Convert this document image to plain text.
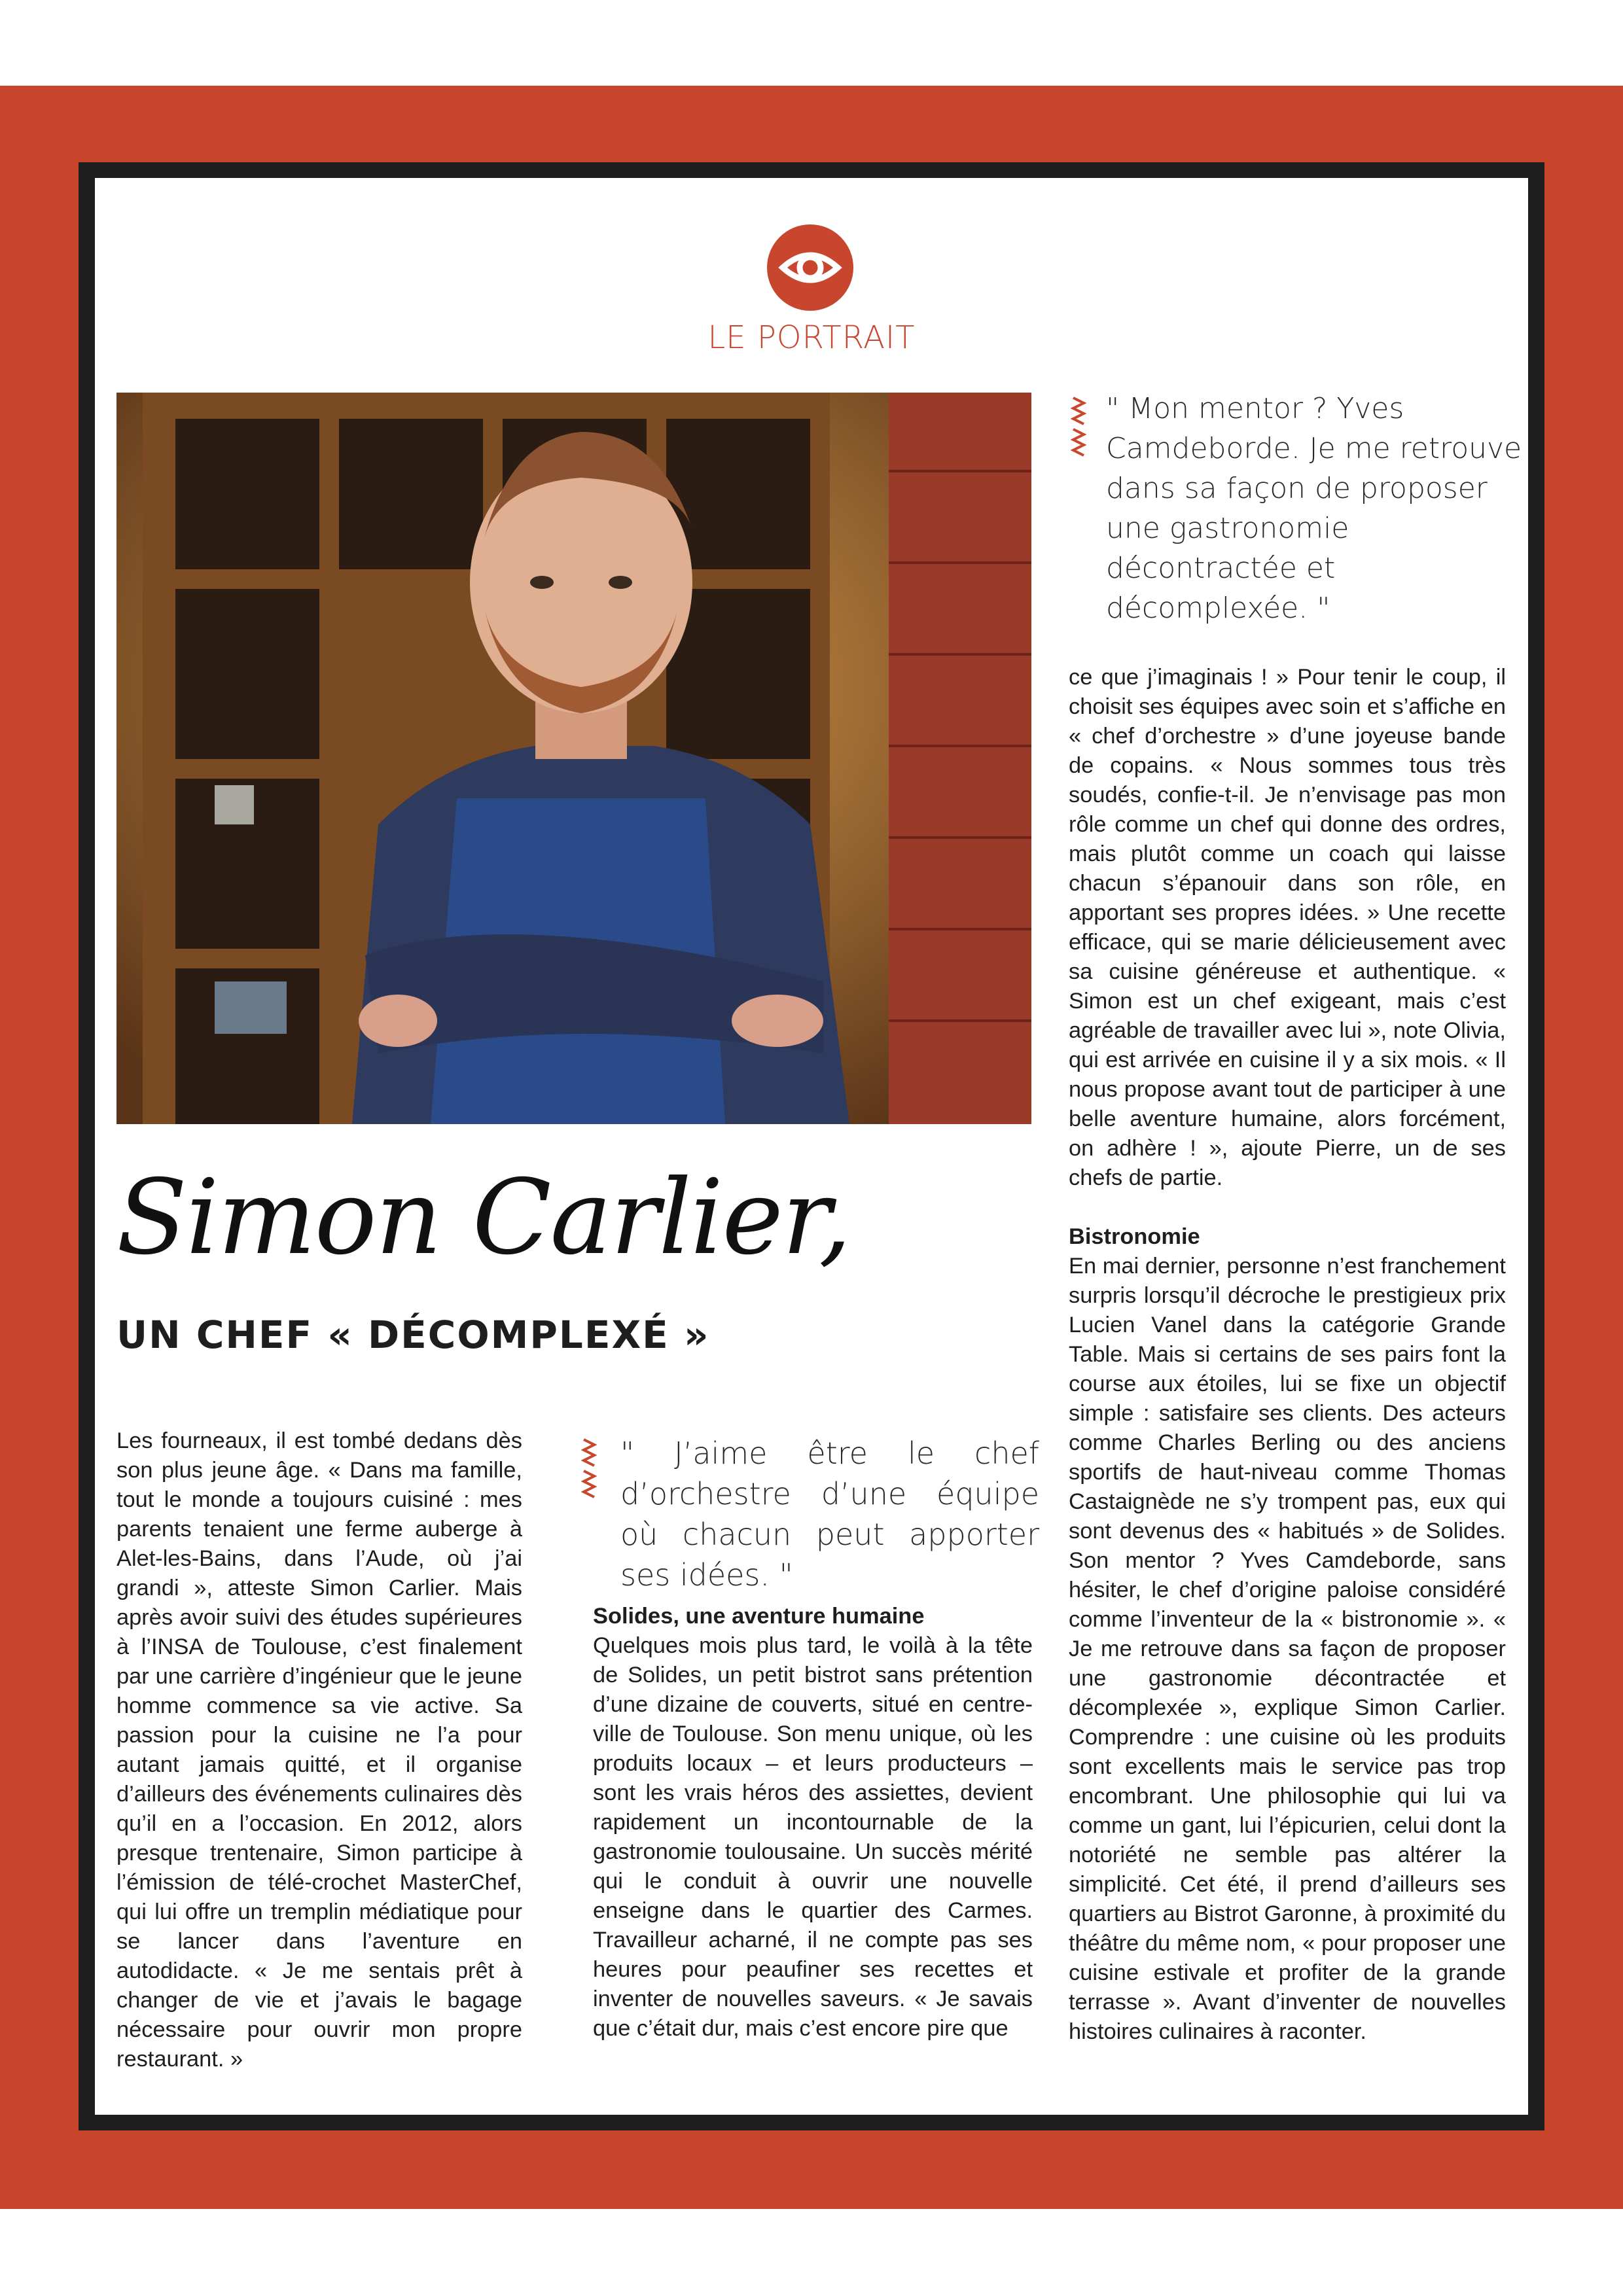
LE PORTRAIT
" Mon mentor ? Yves Camdeborde. Je me retrouve dans sa façon de proposer une gastronomie décontractée et décomplexée. "
Simon Carlier,
UN CHEF « DÉCOMPLEXÉ »
" J’aime être le chef d’orchestre d’une équipe où chacun peut apporter ses idées. "

Les fourneaux, il est tombé dedans dès son plus jeune âge. « Dans ma famille, tout le monde a toujours cuisiné : mes parents tenaient une ferme auberge à Alet-les-Bains, dans l’Aude, où j’ai grandi », atteste Simon Carlier. Mais après avoir suivi des études supérieures à l’INSA de Toulouse, c’est finalement par une carrière d’ingénieur que le jeune homme commence sa vie active. Sa passion pour la cuisine ne l’a pour autant jamais quitté, et il organise d’ailleurs des événements culinaires dès qu’il en a l’occasion. En 2012, alors presque trentenaire, Simon participe à l’émission de télé-crochet MasterChef, qui lui offre un tremplin médiatique pour se lancer dans l’aventure en autodidacte. « Je me sentais prêt à changer de vie et j’avais le bagage nécessaire pour ouvrir mon propre restaurant. »

Solides, une aventure humaine

Quelques mois plus tard, le voilà à la tête de Solides, un petit bistrot sans prétention d’une dizaine de couverts, situé en centre-ville de Toulouse. Son menu unique, où les produits locaux – et leurs producteurs – sont les vrais héros des assiettes, devient rapidement un incontournable de la gastronomie toulousaine. Un succès mérité qui le conduit à ouvrir une nouvelle enseigne dans le quartier des Carmes. Travailleur acharné, il ne compte pas ses heures pour peaufiner ses recettes et inventer de nouvelles saveurs. « Je savais que c’était dur, mais c’est encore pire que

ce que j’imaginais ! » Pour tenir le coup, il choisit ses équipes avec soin et s’affiche en « chef d’orchestre » d’une joyeuse bande de copains. « Nous sommes tous très soudés, confie-t-il. Je n’envisage pas mon rôle comme un chef qui donne des ordres, mais plutôt comme un coach qui laisse chacun s’épanouir dans son rôle, en apportant ses propres idées. » Une recette efficace, qui se marie délicieusement avec sa cuisine généreuse et authentique. « Simon est un chef exigeant, mais c’est agréable de travailler avec lui », note Olivia, qui est arrivée en cuisine il y a six mois. « Il nous propose avant tout de participer à une belle aventure humaine, alors forcément, on adhère ! », ajoute Pierre, un de ses chefs de partie.

Bistronomie

En mai dernier, personne n’est franchement surpris lorsqu’il décroche le prestigieux prix Lucien Vanel dans la catégorie Grande Table. Mais si certains de ses pairs font la course aux étoiles, lui se fixe un objectif simple : satisfaire ses clients. Des acteurs comme Charles Berling ou des anciens sportifs de haut-niveau comme Thomas Castaignède ne s’y trompent pas, eux qui sont devenus des « habitués » de Solides. Son mentor ? Yves Camdeborde, sans hésiter, le chef d’origine paloise considéré comme l’inventeur de la « bistronomie ». « Je me retrouve dans sa façon de proposer une gastronomie décontractée et décomplexée », explique Simon Carlier. Comprendre : une cuisine où les produits sont excellents mais le service pas trop encombrant. Une philosophie qui lui va comme un gant, lui l’épicurien, celui dont la notoriété ne semble pas altérer la simplicité. Cet été, il prend d’ailleurs ses quartiers au Bistrot Garonne, à proximité du théâtre du même nom, « pour proposer une cuisine estivale et profiter de la grande terrasse ». Avant d’inventer de nouvelles histoires culinaires à raconter.
